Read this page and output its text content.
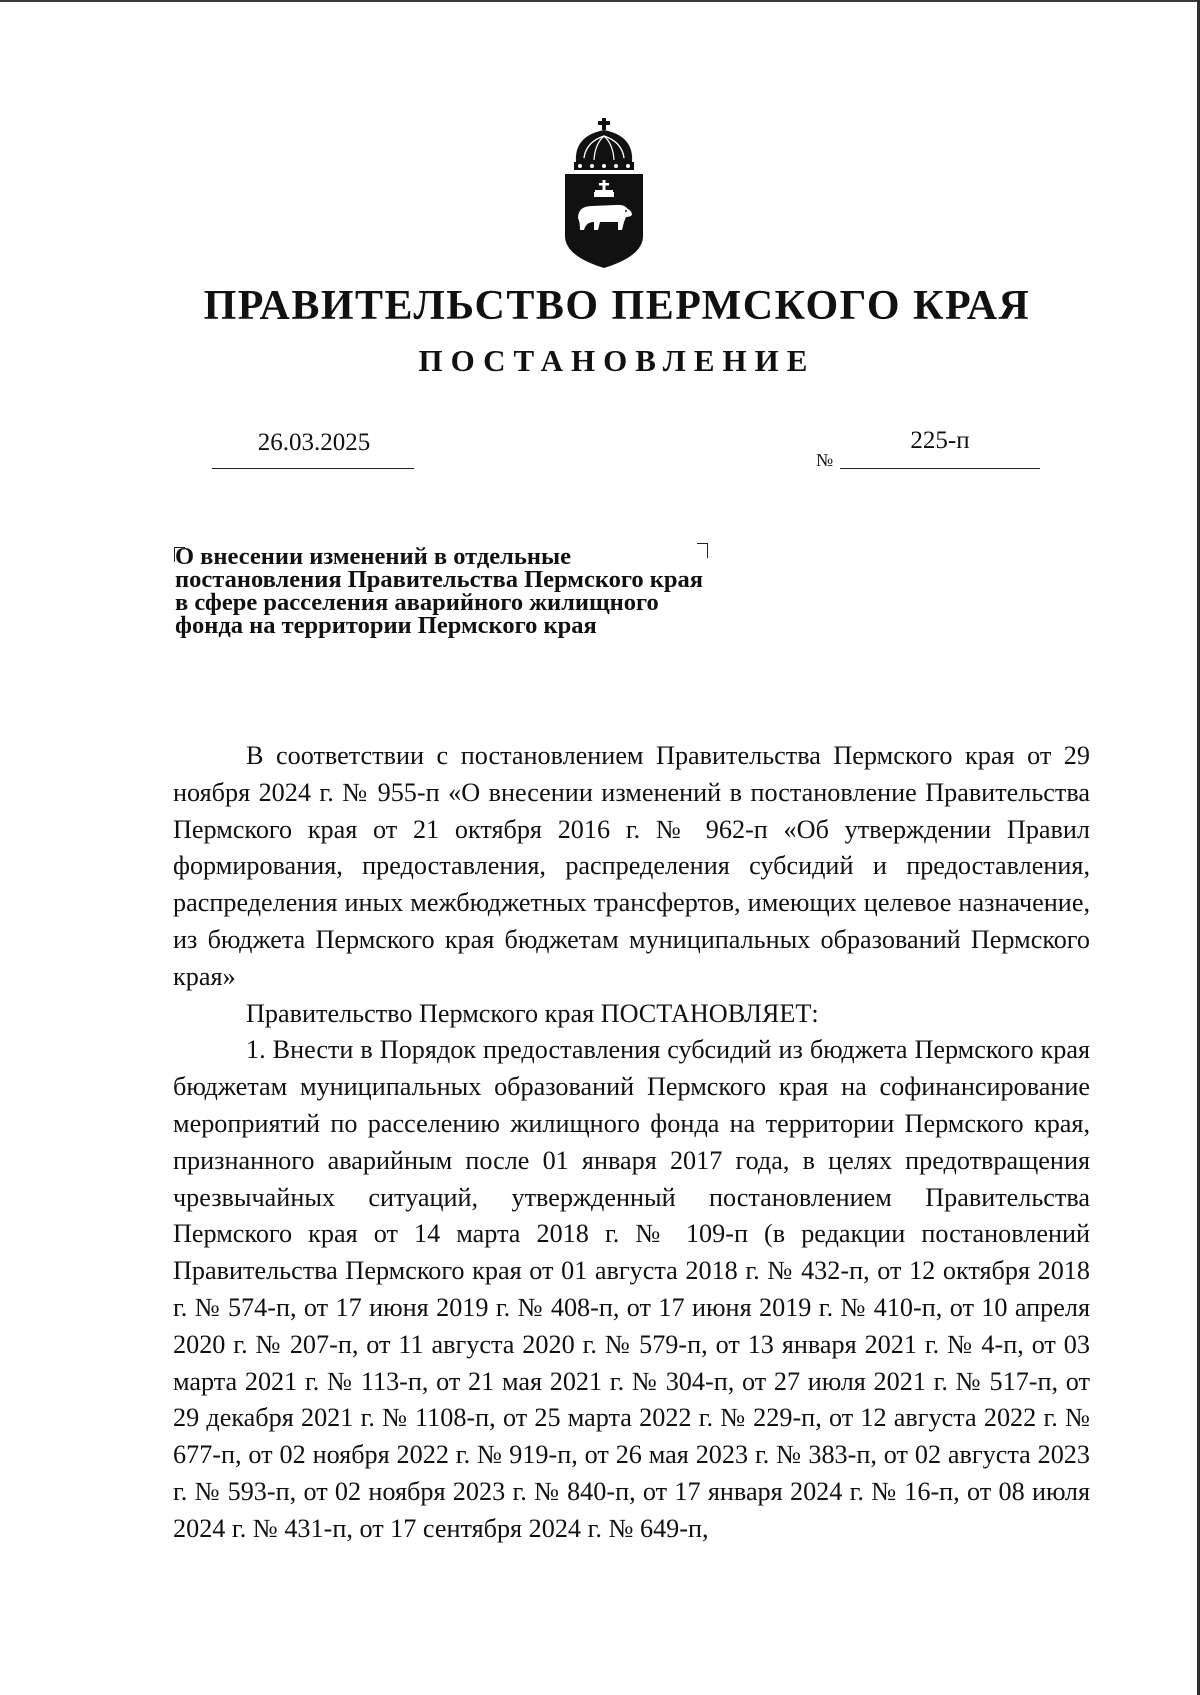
ПРАВИТЕЛЬСТВО ПЕРМСКОГО КРАЯ
ПОСТАНОВЛЕНИЕ
26.03.2025
№
225-п
О внесении изменений в отдельные
постановления Правительства Пермского края
в сфере расселения аварийного жилищного
фонда на территории Пермского края

В соответствии с постановлением Правительства Пермского края от 29 ноября 2024 г. № 955-п «О внесении изменений в постановление Правительства Пермского края от 21 октября 2016 г. № 962-п «Об утверждении Правил формирования, предоставления, распределения субсидий и предоставления, распределения иных межбюджетных трансфертов, имеющих целевое назначение, из бюджета Пермского края бюджетам муниципальных образований Пермского края»

Правительство Пермского края ПОСТАНОВЛЯЕТ:

1. Внести в Порядок предоставления субсидий из бюджета Пермского края бюджетам муниципальных образований Пермского края на софинансирование мероприятий по расселению жилищного фонда на территории Пермского края, признанного аварийным после 01 января 2017 года, в целях предотвращения чрезвычайных ситуаций, утвержденный постановлением Правительства Пермского края от 14 марта 2018 г. № 109-п (в редакции постановлений Правительства Пермского края от 01 августа 2018 г. № 432-п, от 12 октября 2018 г. № 574-п, от 17 июня 2019 г. № 408-п, от 17 июня 2019 г. № 410-п, от 10 апреля 2020 г. № 207-п, от 11 августа 2020 г. № 579-п, от 13 января 2021 г. № 4-п, от 03 марта 2021 г. № 113-п, от 21 мая 2021 г. № 304-п, от 27 июля 2021 г. № 517-п, от 29 декабря 2021 г. № 1108-п, от 25 марта 2022 г. № 229-п, от 12 августа 2022 г. № 677-п, от 02 ноября 2022 г. № 919-п, от 26 мая 2023 г. № 383-п, от 02 августа 2023 г. № 593-п, от 02 ноября 2023 г. № 840-п, от 17 января 2024 г. № 16-п, от 08 июля 2024 г. № 431-п, от 17 сентября 2024 г. № 649-п,
